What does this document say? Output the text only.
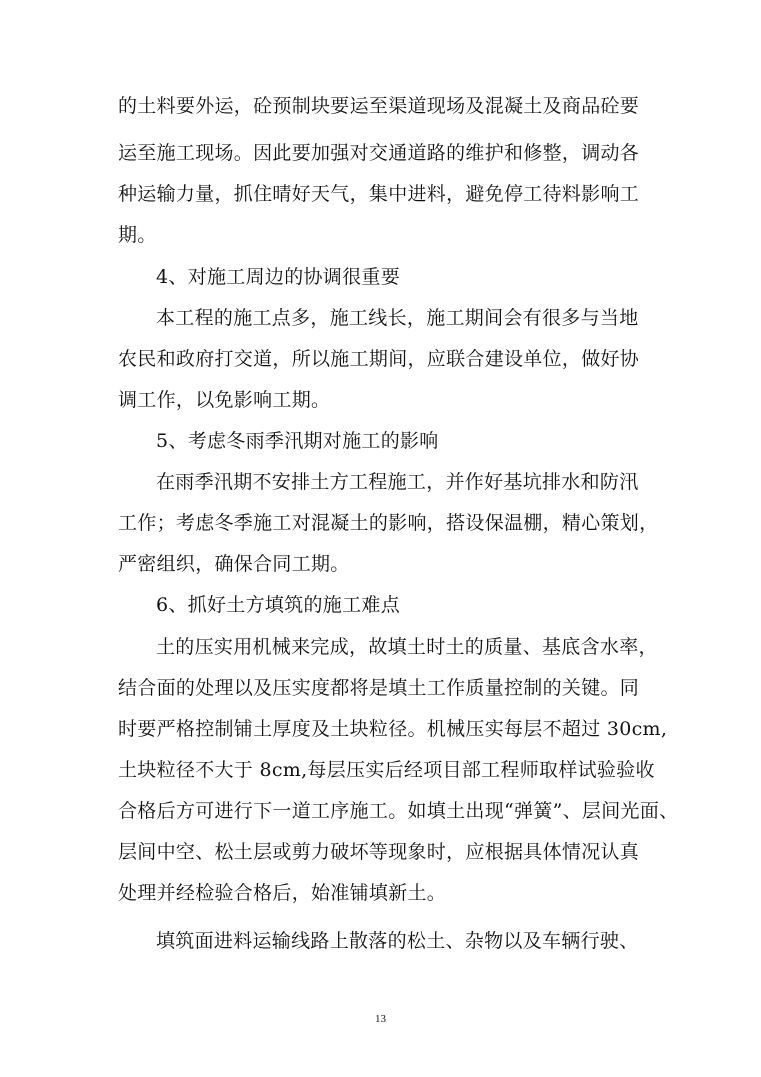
的土料要外运，砼预制块要运至渠道现场及混凝土及商品砼要
运至施工现场。因此要加强对交通道路的维护和修整，调动各
种运输力量，抓住晴好天气，集中进料，避免停工待料影响工
期。
4、对施工周边的协调很重要
本工程的施工点多，施工线长，施工期间会有很多与当地
农民和政府打交道，所以施工期间，应联合建设单位，做好协
调工作，以免影响工期。
5、考虑冬雨季汛期对施工的影响
在雨季汛期不安排土方工程施工，并作好基坑排水和防汛
工作；考虑冬季施工对混凝土的影响，搭设保温棚，精心策划，
严密组织，确保合同工期。
6、抓好土方填筑的施工难点
土的压实用机械来完成，故填土时土的质量、基底含水率，
结合面的处理以及压实度都将是填土工作质量控制的关键。同
时要严格控制铺土厚度及土块粒径。机械压实每层不超过 30cm,
土块粒径不大于 8cm,每层压实后经项目部工程师取样试验验收
合格后方可进行下一道工序施工。如填土出现“弹簧”、层间光面、
层间中空、松土层或剪力破坏等现象时，应根据具体情况认真
处理并经检验合格后，始准铺填新土。
填筑面进料运输线路上散落的松土、杂物以及车辆行驶、
13
